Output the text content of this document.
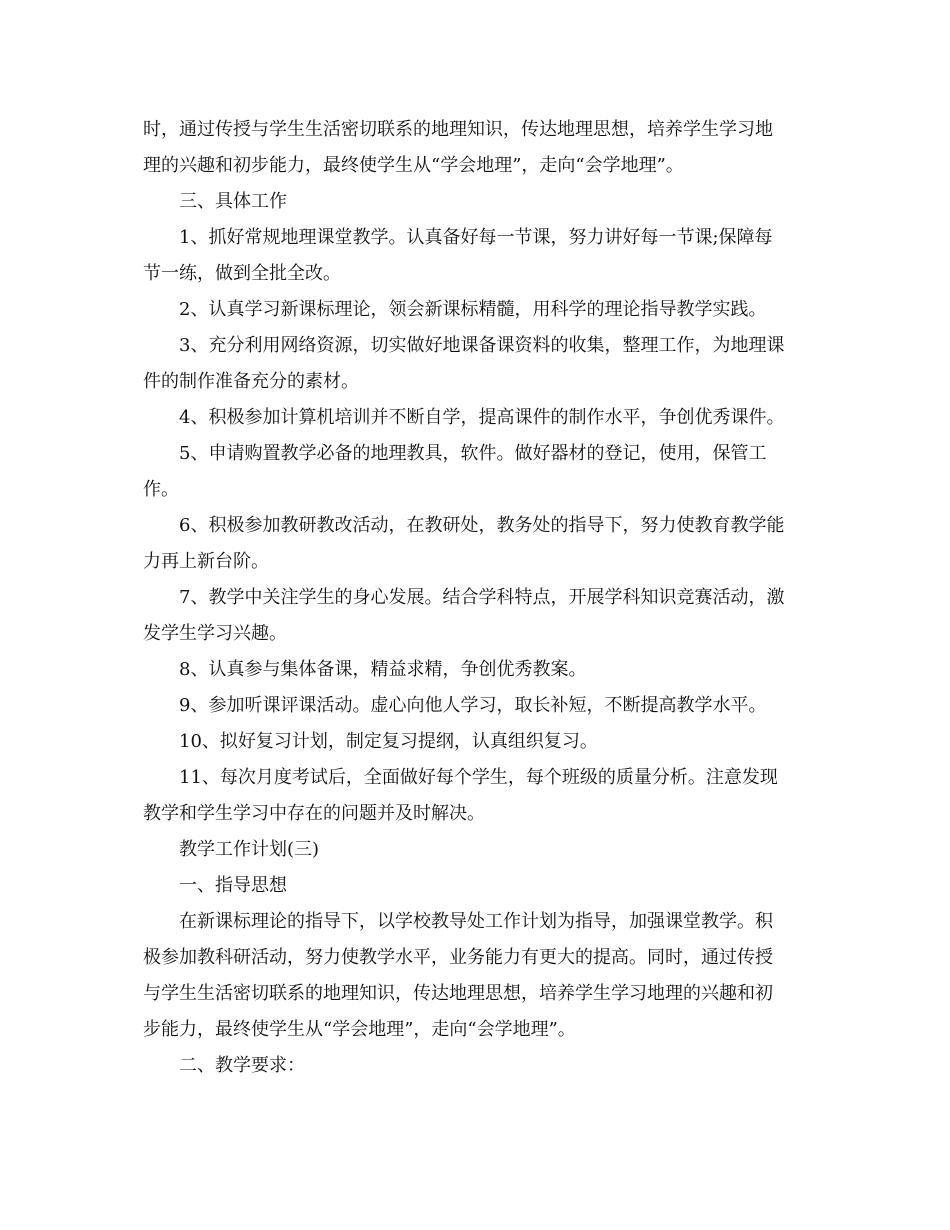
时，通过传授与学生生活密切联系的地理知识，传达地理思想，培养学生学习地
理的兴趣和初步能力，最终使学生从“学会地理”，走向“会学地理”。
三、具体工作
1、抓好常规地理课堂教学。认真备好每一节课，努力讲好每一节课;保障每
节一练，做到全批全改。
2、认真学习新课标理论，领会新课标精髓，用科学的理论指导教学实践。
3、充分利用网络资源，切实做好地课备课资料的收集，整理工作，为地理课
件的制作准备充分的素材。
4、积极参加计算机培训并不断自学，提高课件的制作水平，争创优秀课件。
5、申请购置教学必备的地理教具，软件。做好器材的登记，使用，保管工
作。
6、积极参加教研教改活动，在教研处，教务处的指导下，努力使教育教学能
力再上新台阶。
7、教学中关注学生的身心发展。结合学科特点，开展学科知识竞赛活动，激
发学生学习兴趣。
8、认真参与集体备课，精益求精，争创优秀教案。
9、参加听课评课活动。虚心向他人学习，取长补短，不断提高教学水平。
10、拟好复习计划，制定复习提纲，认真组织复习。
11、每次月度考试后，全面做好每个学生，每个班级的质量分析。注意发现
教学和学生学习中存在的问题并及时解决。
教学工作计划(三)
一、指导思想
在新课标理论的指导下，以学校教导处工作计划为指导，加强课堂教学。积
极参加教科研活动，努力使教学水平，业务能力有更大的提高。同时，通过传授
与学生生活密切联系的地理知识，传达地理思想，培养学生学习地理的兴趣和初
步能力，最终使学生从“学会地理”，走向“会学地理”。
二、教学要求：
